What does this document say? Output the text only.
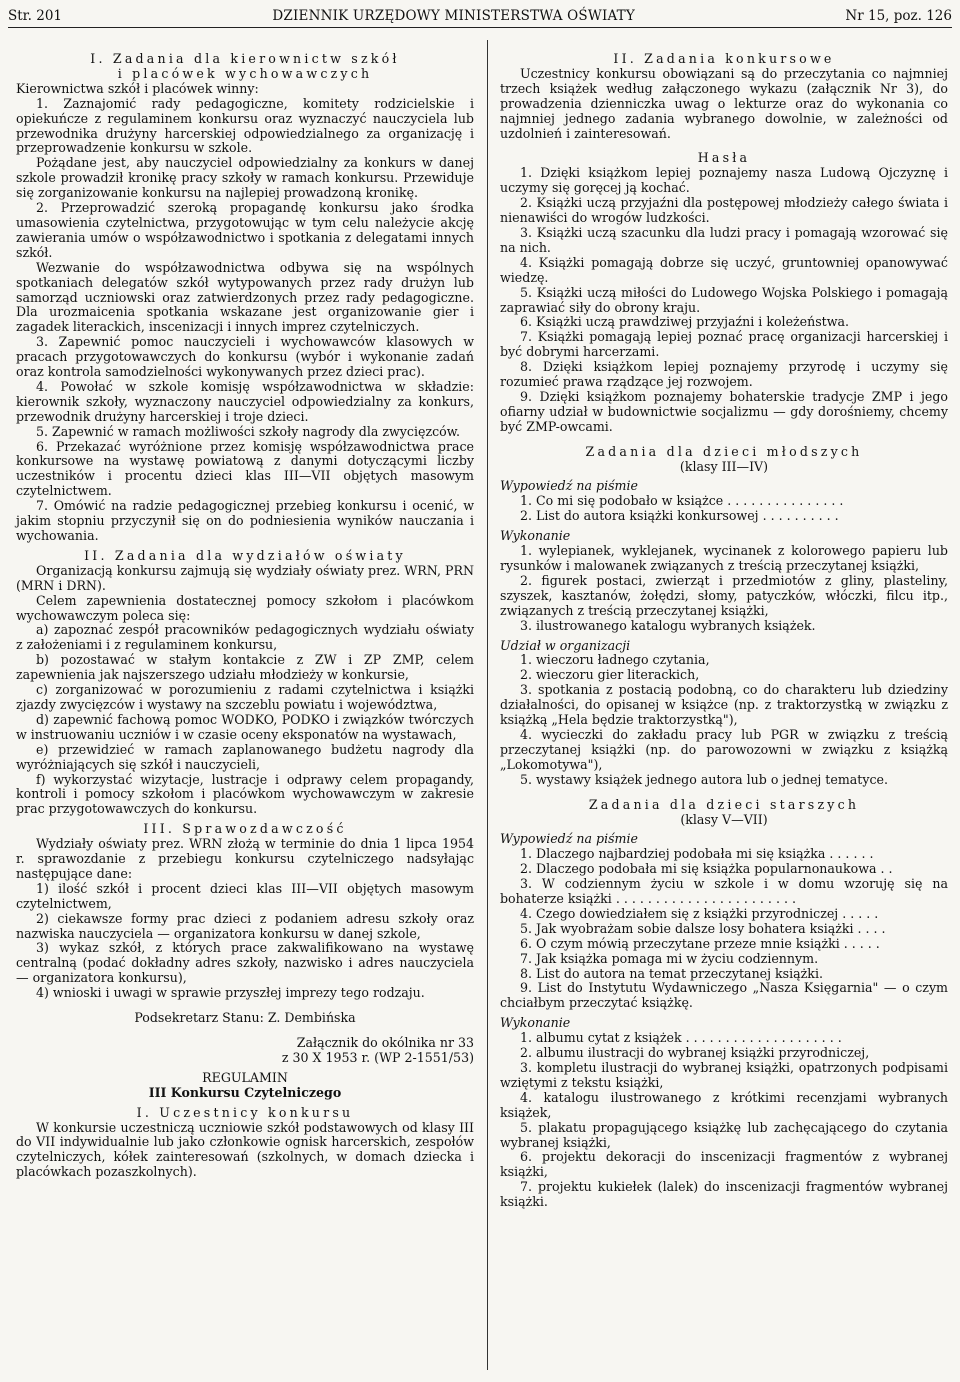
Str. 201	DZIENNIK URZĘDOWY MINISTERSTWA OŚWIATY	Nr 15, poz. 126

I. Zadania dla kierownictw szkół

i placówek wychowawczych

Kierownictwa szkół i placówek winny:

1. Zaznajomić rady pedagogiczne, komitety rodzicielskie i opiekuńcze z regulaminem konkursu oraz wyznaczyć nauczyciela lub przewodnika drużyny harcerskiej odpowiedzialnego za organizację i przeprowadzenie konkursu w szkole.

Pożądane jest, aby nauczyciel odpowiedzialny za konkurs w danej szkole prowadził kronikę pracy szkoły w ramach konkursu. Przewiduje się zorganizowanie konkursu na najlepiej prowadzoną kronikę.

2. Przeprowadzić szeroką propagandę konkursu jako środka umasowienia czytelnictwa, przygotowując w tym celu należycie akcję zawierania umów o współzawodnictwo i spotkania z delegatami innych szkół.

Wezwanie do współzawodnictwa odbywa się na wspólnych spotkaniach delegatów szkół wytypowanych przez rady drużyn lub samorząd uczniowski oraz zatwierdzonych przez rady pedagogiczne. Dla urozmaicenia spotkania wskazane jest organizowanie gier i zagadek literackich, inscenizacji i innych imprez czytelniczych.

3. Zapewnić pomoc nauczycieli i wychowawców klasowych w pracach przygotowawczych do konkursu (wybór i wykonanie zadań oraz kontrola samodzielności wykonywanych przez dzieci prac).

4. Powołać w szkole komisję współzawodnictwa w składzie: kierownik szkoły, wyznaczony nauczyciel odpowiedzialny za konkurs, przewodnik drużyny harcerskiej i troje dzieci.

5. Zapewnić w ramach możliwości szkoły nagrody dla zwycięzców.

6. Przekazać wyróżnione przez komisję współzawodnictwa prace konkursowe na wystawę powiatową z danymi dotyczącymi liczby uczestników i procentu dzieci klas III—VII objętych masowym czytelnictwem.

7. Omówić na radzie pedagogicznej przebieg konkursu i ocenić, w jakim stopniu przyczynił się on do podniesienia wyników nauczania i wychowania.

II. Zadania dla wydziałów oświaty

Organizacją konkursu zajmują się wydziały oświaty prez. WRN, PRN (MRN i DRN).

Celem zapewnienia dostatecznej pomocy szkołom i placówkom wychowawczym poleca się:

a) zapoznać zespół pracowników pedagogicznych wydziału oświaty z założeniami i z regulaminem konkursu,

b) pozostawać w stałym kontakcie z ZW i ZP ZMP, celem zapewnienia jak najszerszego udziału młodzieży w konkursie,

c) zorganizować w porozumieniu z radami czytelnictwa i książki zjazdy zwycięzców i wystawy na szczeblu powiatu i województwa,

d) zapewnić fachową pomoc WODKO, PODKO i związków twórczych w instruowaniu uczniów i w czasie oceny eksponatów na wystawach,

e) przewidzieć w ramach zaplanowanego budżetu nagrody dla wyróżniających się szkół i nauczycieli,

f) wykorzystać wizytacje, lustracje i odprawy celem propagandy, kontroli i pomocy szkołom i placówkom wychowawczym w zakresie prac przygotowawczych do konkursu.

III. Sprawozdawczość

Wydziały oświaty prez. WRN złożą w terminie do dnia 1 lipca 1954 r. sprawozdanie z przebiegu konkursu czytelniczego nadsyłając następujące dane:

1) ilość szkół i procent dzieci klas III—VII objętych masowym czytelnictwem,

2) ciekawsze formy prac dzieci z podaniem adresu szkoły oraz nazwiska nauczyciela — organizatora konkursu w danej szkole,

3) wykaz szkół, z których prace zakwalifikowano na wystawę centralną (podać dokładny adres szkoły, nazwisko i adres nauczyciela — organizatora konkursu),

4) wnioski i uwagi w sprawie przyszłej imprezy tego rodzaju.

Podsekretarz Stanu: Z. Dembińska

Załącznik do okólnika nr 33

z 30 X 1953 r. (WP 2-1551/53)

REGULAMIN

III Konkursu Czytelniczego

I. Uczestnicy konkursu

W konkursie uczestniczą uczniowie szkół podstawowych od klasy III do VII indywidualnie lub jako członkowie ognisk harcerskich, zespołów czytelniczych, kółek zainteresowań (szkolnych, w domach dziecka i placówkach pozaszkolnych).

II. Zadania konkursowe

Uczestnicy konkursu obowiązani są do przeczytania co najmniej trzech książek według załączonego wykazu (załącznik Nr 3), do prowadzenia dzienniczka uwag o lekturze oraz do wykonania co najmniej jednego zadania wybranego dowolnie, w zależności od uzdolnień i zainteresowań.

Hasła

1. Dzięki książkom lepiej poznajemy nasza Ludową Ojczyznę i uczymy się goręcej ją kochać.

2. Książki uczą przyjaźni dla postępowej młodzieży całego świata i nienawiści do wrogów ludzkości.

3. Książki uczą szacunku dla ludzi pracy i pomagają wzorować się na nich.

4. Książki pomagają dobrze się uczyć, gruntowniej opanowywać wiedzę.

5. Książki uczą miłości do Ludowego Wojska Polskiego i pomagają zaprawiać siły do obrony kraju.

6. Książki uczą prawdziwej przyjaźni i koleżeństwa.

7. Książki pomagają lepiej poznać pracę organizacji harcerskiej i być dobrymi harcerzami.

8. Dzięki książkom lepiej poznajemy przyrodę i uczymy się rozumieć prawa rządzące jej rozwojem.

9. Dzięki książkom poznajemy bohaterskie tradycje ZMP i jego ofiarny udział w budownictwie socjalizmu — gdy dorośniemy, chcemy być ZMP-owcami.

Zadania dla dzieci młodszych

(klasy III—IV)

Wypowiedź na piśmie

1. Co mi się podobało w książce . . . . . . . . . . . . . . .

2. List do autora książki konkursowej . . . . . . . . . .

Wykonanie

1. wylepianek, wyklejanek, wycinanek z kolorowego papieru lub rysunków i malowanek związanych z treścią przeczytanej książki,

2. figurek postaci, zwierząt i przedmiotów z gliny, plasteliny, szyszek, kasztanów, żołędzi, słomy, patyczków, włóczki, filcu itp., związanych z treścią przeczytanej książki,

3. ilustrowanego katalogu wybranych książek.

Udział w organizacji

1. wieczoru ładnego czytania,

2. wieczoru gier literackich,

3. spotkania z postacią podobną, co do charakteru lub dziedziny działalności, do opisanej w książce (np. z traktorzystką w związku z książką „Hela będzie traktorzystką"),

4. wycieczki do zakładu pracy lub PGR w związku z treścią przeczytanej książki (np. do parowozowni w związku z książką „Lokomotywa"),

5. wystawy książek jednego autora lub o jednej tematyce.

Zadania dla dzieci starszych

(klasy V—VII)

Wypowiedź na piśmie

1. Dlaczego najbardziej podobała mi się książka . . . . . .

2. Dlaczego podobała mi się książka popularnonaukowa . .

3. W codziennym życiu w szkole i w domu wzoruję się na bohaterze książki . . . . . . . . . . . . . . . . . . . . . . .

4. Czego dowiedziałem się z książki przyrodniczej . . . . .

5. Jak wyobrażam sobie dalsze losy bohatera książki . . . .

6. O czym mówią przeczytane przeze mnie książki . . . . .

7. Jak książka pomaga mi w życiu codziennym.

8. List do autora na temat przeczytanej książki.

9. List do Instytutu Wydawniczego „Nasza Księgarnia" — o czym chciałbym przeczytać książkę.

Wykonanie

1. albumu cytat z książek . . . . . . . . . . . . . . . . . . . .

2. albumu ilustracji do wybranej książki przyrodniczej,

3. kompletu ilustracji do wybranej książki, opatrzonych podpisami wziętymi z tekstu książki,

4. katalogu ilustrowanego z krótkimi recenzjami wybranych książek,

5. plakatu propagującego książkę lub zachęcającego do czytania wybranej książki,

6. projektu dekoracji do inscenizacji fragmentów z wybranej książki,

7. projektu kukiełek (lalek) do inscenizacji fragmentów wybranej książki.
